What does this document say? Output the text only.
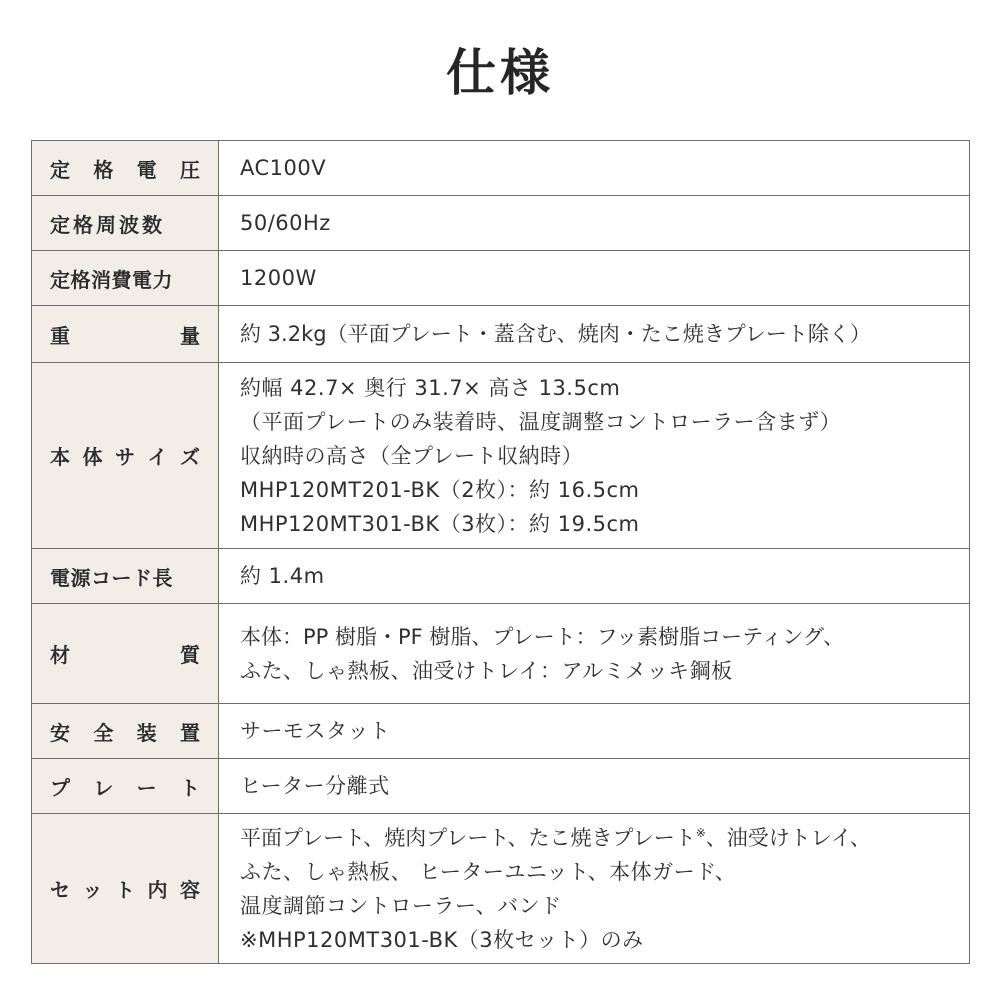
仕様
定 格 電 圧	AC100V

定格周波数	50/60Hz

定格消費電力	1200W

重 量	約 3.2kg（平面プレート・蓋含む、焼肉・たこ焼きプレート除く）

本 体 サ イ ズ	約幅 42.7× 奥行 31.7× 高さ 13.5cm
（平面プレートのみ装着時、温度調整コントローラー含まず）
収納時の高さ（全プレート収納時）
MHP120MT201-BK（2枚）：約 16.5cm
MHP120MT301-BK（3枚）：約 19.5cm

電源コード長	約 1.4m

材 質	本体：PP 樹脂・PF 樹脂、プレート：フッ素樹脂コーティング、
ふた、しゃ熱板、油受けトレイ：アルミメッキ鋼板

安 全 装 置	サーモスタット

プ レ ー ト	ヒーター分離式

セ ッ ト 内 容	平面プレート、焼肉プレート、たこ焼きプレート※、油受けトレイ、
ふた、しゃ熱板、 ヒーターユニット、本体ガード、
温度調節コントローラー、バンド
※MHP120MT301-BK（3枚セット）のみ
